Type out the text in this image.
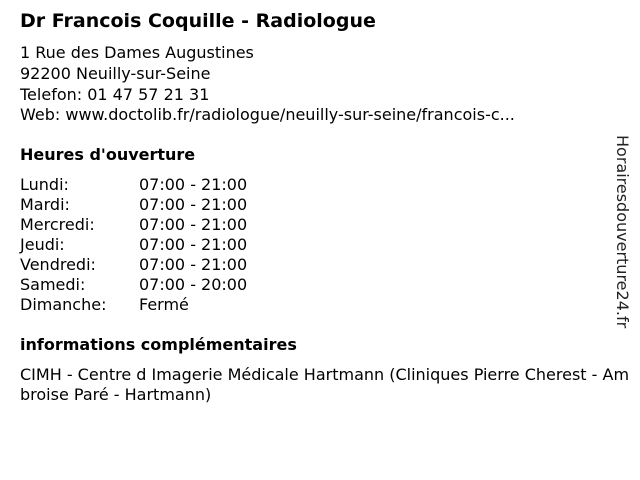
Dr Francois Coquille - Radiologue
1 Rue des Dames Augustines
92200 Neuilly-sur-Seine
Telefon: 01 47 57 21 31
Web: www.doctolib.fr/radiologue/neuilly-sur-seine/francois-c...
Heures d'ouverture
Lundi:	07:00 - 21:00
Mardi:	07:00 - 21:00
Mercredi:	07:00 - 21:00
Jeudi:	07:00 - 21:00
Vendredi:	07:00 - 21:00
Samedi:	07:00 - 20:00
Dimanche: Fermé
informations complémentaires
CIMH - Centre d Imagerie Médicale Hartmann (Cliniques Pierre Cherest - Ambroise Paré - Hartmann)
Horairesdouverture24.fr
